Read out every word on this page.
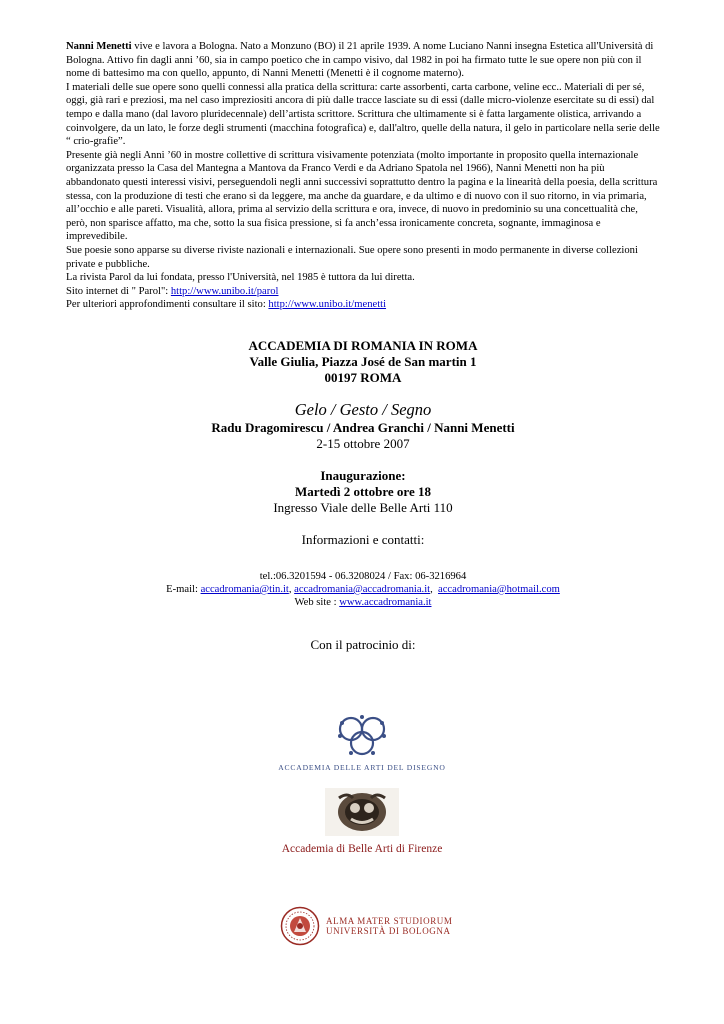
Nanni Menetti vive e lavora a Bologna. Nato a Monzuno (BO) il 21 aprile 1939. A nome Luciano Nanni insegna Estetica all'Università di Bologna. Attivo fin dagli anni ’60, sia in campo poetico che in campo visivo, dal 1982 in poi ha firmato tutte le sue opere non più con il nome di battesimo ma con quello, appunto, di Nanni Menetti (Menetti è il cognome materno).

I materiali delle sue opere sono quelli connessi alla pratica della scrittura: carte assorbenti, carta carbone, veline ecc.. Materiali di per sé, oggi, già rari e preziosi, ma nel caso impreziositi ancora di più dalle tracce lasciate su di essi (dalle micro-violenze esercitate su di essi) dal tempo e dalla mano (dal lavoro pluridecennale) dell’artista scrittore. Scrittura che ultimamente si è fatta largamente olistica, arrivando a coinvolgere, da un lato, le forze degli strumenti (macchina fotografica) e, dall'altro, quelle della natura, il gelo in particolare nella serie delle “ crio-grafie”.

Presente già negli Anni ’60 in mostre collettive di scrittura visivamente potenziata (molto importante in proposito quella internazionale organizzata presso la Casa del Mantegna a Mantova da Franco Verdi e da Adriano Spatola nel 1966), Nanni Menetti non ha più abbandonato questi interessi visivi, perseguendoli negli anni successivi soprattutto dentro la pagina e la linearità della poesia, della scrittura stessa, con la produzione di testi che erano sì da leggere, ma anche da guardare, e da ultimo e di nuovo con il suo ritorno, in via primaria, all’occhio e alle pareti. Visualità, allora, prima al servizio della scrittura e ora, invece, di nuovo in predominio su una concettualità che, però, non sparisce affatto, ma che, sotto la sua fisica pressione, si fa anch’essa ironicamente concreta, sognante, immaginosa e imprevedibile.

Sue poesie sono apparse su diverse riviste nazionali e internazionali. Sue opere sono presenti in modo permanente in diverse collezioni private e pubbliche.

La rivista Parol da lui fondata, presso l'Università, nel 1985 è tuttora da lui diretta.

Sito internet di " Parol": http://www.unibo.it/parol

Per ulteriori approfondimenti consultare il sito: http://www.unibo.it/menetti

ACCADEMIA DI ROMANIA IN ROMA
Valle Giulia, Piazza José de San martin 1
00197 ROMA
Gelo / Gesto / Segno
Radu Dragomirescu / Andrea Granchi / Nanni Menetti
2-15 ottobre 2007
Inaugurazione:
Martedì 2 ottobre ore 18
Ingresso Viale delle Belle Arti 110
Informazioni e contatti:
tel.:06.3201594 - 06.3208024 / Fax: 06-3216964
E-mail: accadromania@tin.it, accadromania@accadromania.it,  accadromania@hotmail.com
Web site : www.accadromania.it
Con il patrocinio di:
ACCADEMIA DELLE ARTI DEL DISEGNO
Accademia di Belle Arti di Firenze
ALMA MATER STUDIORUM
UNIVERSITÀ DI BOLOGNA
